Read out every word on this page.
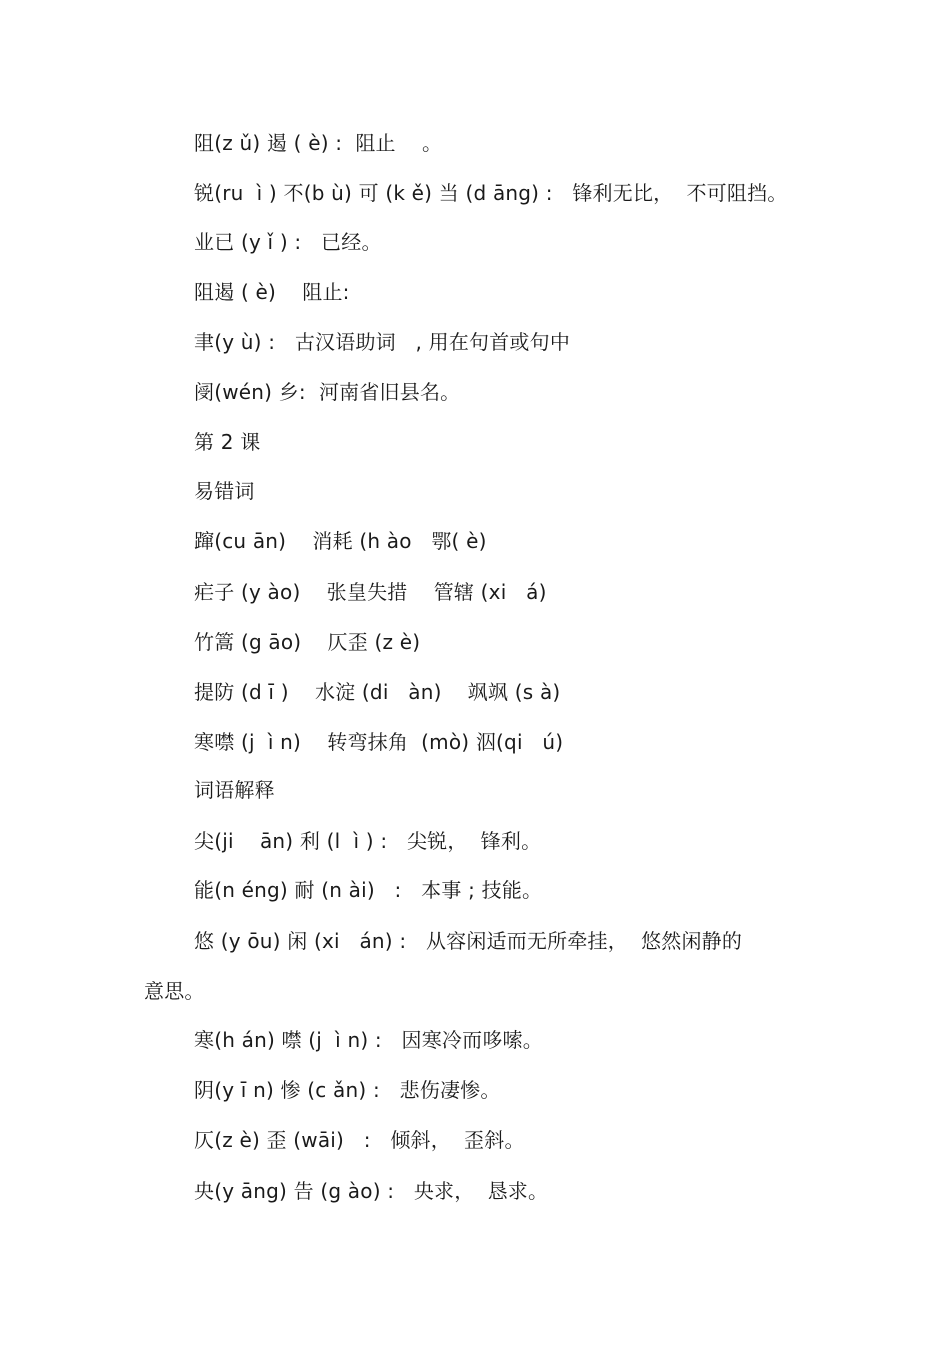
阻(z ǔ) 遏 ( è) :  阻止    。
锐(ru  ì ) 不(b ù) 可 (k ě) 当 (d āng) :   锋利无比，  不可阻挡。
业已 (y ǐ ) :   已经。
阻遏 ( è)    阻止:
聿(y ù) :   古汉语助词   , 用在句首或句中
阌(wén) 乡:  河南省旧县名。
第 2 课
易错词
蹿(cu ān)    消耗 (h ào   鄂( è)
疟子 (y ào)    张皇失措    管辖 (xi   á)
竹篙 (g āo)    仄歪 (z è)
提防 (d ī )    水淀 (di   àn)    飒飒 (s à)
寒噤 (j  ì n)    转弯抹角  (mò) 泅(qi   ú)
词语解释
尖(ji    ān) 利 (l  ì ) :   尖锐，  锋利。
能(n éng) 耐 (n ài)   :   本事 ; 技能。
悠 (y ōu) 闲 (xi   án) :   从容闲适而无所牵挂，  悠然闲静的
意思。
寒(h án) 噤 (j  ì n) :   因寒冷而哆嗦。
阴(y ī n) 惨 (c ǎn) :   悲伤凄惨。
仄(z è) 歪 (wāi)   :   倾斜，  歪斜。
央(y āng) 告 (g ào) :   央求，  恳求。
